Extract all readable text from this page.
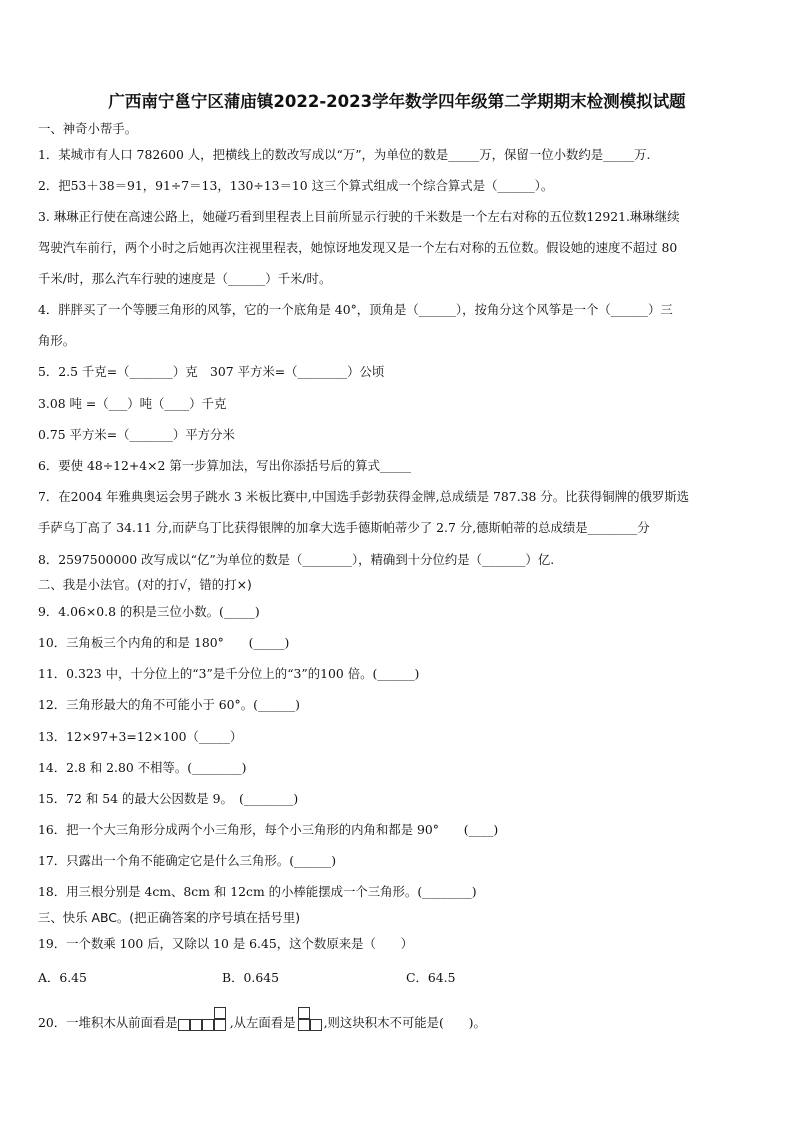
广西南宁邕宁区蒲庙镇2022-2023学年数学四年级第二学期期末检测模拟试题
一、神奇小帮手。
1．某城市有人口 782600 人，把横线上的数改写成以“万”，为单位的数是_____万，保留一位小数约是_____万.
2．把53＋38＝91，91÷7＝13，130÷13＝10 这三个算式组成一个综合算式是（______）。
3. 琳琳正行使在高速公路上，她碰巧看到里程表上目前所显示行驶的千米数是一个左右对称的五位数12921.琳琳继续
驾驶汽车前行，两个小时之后她再次注视里程表，她惊讶地发现又是一个左右对称的五位数。假设她的速度不超过 80
千米/时，那么汽车行驶的速度是（______）千米/时。
4．胖胖买了一个等腰三角形的风筝，它的一个底角是 40°，顶角是（______），按角分这个风筝是一个（______）三
角形。
5．2.5 千克=（_______）克　307 平方米=（________）公顷
3.08 吨 =（___）吨（____）千克
0.75 平方米=（_______）平方分米
6．要使 48÷12+4×2 第一步算加法，写出你添括号后的算式_____
7．在2004 年雅典奥运会男子跳水 3 米板比赛中,中国选手彭勃获得金牌,总成绩是 787.38 分。比获得铜牌的俄罗斯选
手萨乌丁高了 34.11 分,而萨乌丁比获得银牌的加拿大选手德斯帕蒂少了 2.7 分,德斯帕蒂的总成绩是________分
8．2597500000 改写成以“亿”为单位的数是（________），精确到十分位约是（_______）亿.
二、我是小法官。(对的打√，错的打×)
9．4.06×0.8 的积是三位小数。(_____)
10．三角板三个内角的和是 180°　　(_____)
11．0.323 中，十分位上的“3”是千分位上的“3”的100 倍。(______)
12．三角形最大的角不可能小于 60°。(______)
13．12×97+3=12×100（_____）
14．2.8 和 2.80 不相等。(________)
15．72 和 54 的最大公因数是 9。　(________)
16．把一个大三角形分成两个小三角形，每个小三角形的内角和都是 90°　　(____)
17．只露出一个角不能确定它是什么三角形。(______)
18．用三根分别是 4cm、8cm 和 12cm 的小棒能摆成一个三角形。(________)
三、快乐 ABC。(把正确答案的序号填在括号里)
19．一个数乘 100 后，又除以 10 是 6.45，这个数原来是（　　）
A．6.45	B．0.645	C．64.5
20．一堆积木从前面看是	,从左面看是 ,则这块积木不可能是(　　)。
